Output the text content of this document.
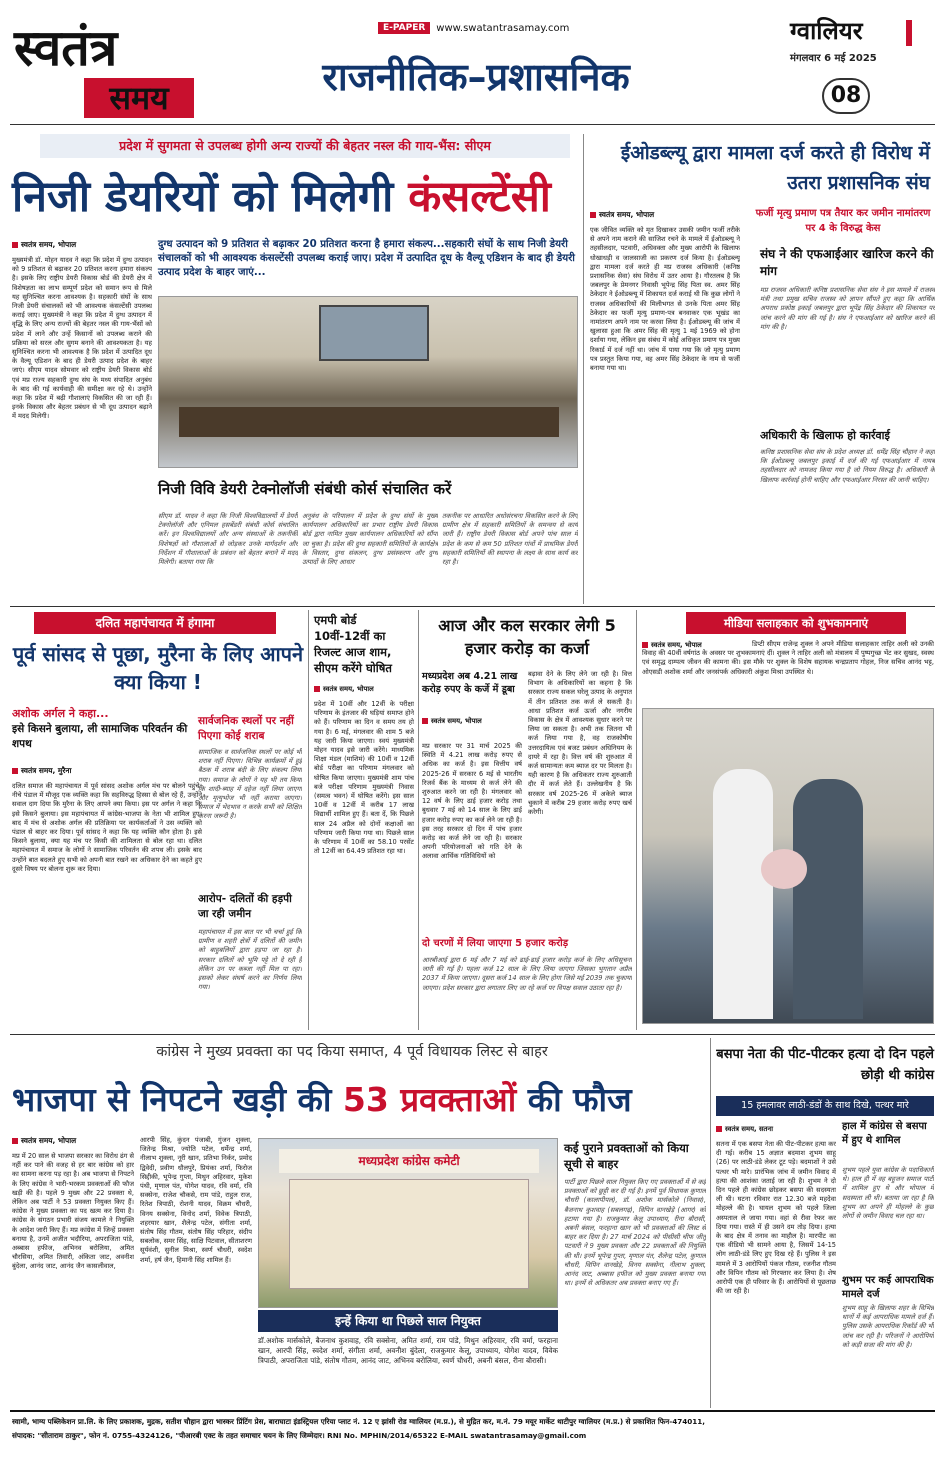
स्वतंत्र
समय
E-PAPER	www.swatantrasamay.com
राजनीतिक–प्रशासनिक
ग्वालियर
मंगलवार 6 मई 2025
08
प्रदेश में सुगमता से उपलब्ध होगी अन्य राज्यों की बेहतर नस्ल की गाय-भैंस: सीएम
निजी डेयरियों को मिलेगी कंसल्टेंसी
स्वतंत्र समय, भोपाल
मुख्यमंत्री डॉ. मोहन यादव ने कहा कि प्रदेश में दुग्ध उत्पादन को 9 प्रतिशत से बढ़ाकर 20 प्रतिशत करना हमारा संकल्प है। इसके लिए राष्ट्रीय डेयरी विकास बोर्ड की डेयरी क्षेत्र में विशेषज्ञता का लाभ सम्पूर्ण प्रदेश को समान रूप से मिले यह सुनिश्चित करना आवश्यक है। सहकारी संघों के साथ निजी डेयरी संचालकों को भी आवश्यक कंसल्टेंसी उपलब्ध कराई जाए। मुख्यमंत्री ने कहा कि प्रदेश में दुग्ध उत्पादन में वृद्धि के लिए अन्य राज्यों की बेहतर नस्ल की गाय-भैंसों को प्रदेश में लाने और उन्हें किसानों को उपलब्ध कराने की प्रक्रिया को सरल और सुगम बनाने की आवश्यकता है। यह सुनिश्चित करना भी आवश्यक है कि प्रदेश में उत्पादित दूध के वैल्यू एडिशन के बाद ही डेयरी उत्पाद प्रदेश के बाहर जाएं। सीएम यादव सोमवार को राष्ट्रीय डेयरी विकास बोर्ड एवं मप्र राज्य सहकारी दुग्ध संघ के मध्य संपादित अनुबंध के बाद की गई कार्यवाही की समीक्षा कर रहे थे। उन्होंने कहा कि प्रदेश में बढ़ी गौशालाएं विकसित की जा रही हैं। इनके विकास और बेहतर प्रबंधन से भी दूध उत्पादन बढ़ाने में मदद मिलेगी।
दुग्ध उत्पादन को 9 प्रतिशत से बढ़ाकर 20 प्रतिशत करना है हमारा संकल्प...सहकारी संघों के साथ निजी डेयरी संचालकों को भी आवश्यक कंसल्टेंसी उपलब्ध कराई जाए। प्रदेश में उत्पादित दूध के वैल्यू एडिशन के बाद ही डेयरी उत्पाद प्रदेश के बाहर जाएं...
निजी विवि डेयरी टेक्नोलॉजी संबंधी कोर्स संचालित करें
सीएम डॉ. यादव ने कहा कि निजी विश्वविद्यालयों में डेयरी टेक्नोलॉजी और एनिमल हसबेंडरी संबंधी कोर्स संचालित करें। इन विश्वविद्यालयों और अन्य संस्थाओं के तकनीकी विशेषज्ञों को गौशालाओं से जोड़कर उनके मार्गदर्शन और निर्देशन में गौशालाओं के प्रबंधन को बेहतर बनाने में मदद मिलेगी। बताया गया कि
अनुबंध के परिपालन में प्रदेश के दुग्ध संघों के मुख्य कार्यपालन अधिकारियों का प्रभार राष्ट्रीय डेयरी विकास बोर्ड द्वारा नामित मुख्य कार्यपालन अधिकारियों को सौंपा जा चुका है। प्रदेश की दुग्ध सहकारी समितियों के कार्यक्षेत्र के विस्तार, दुग्ध संकलन, दुग्ध प्रसंस्करण और दुग्ध उत्पादों के लिए आधार
तकनीक पर आधारित अधोसंरचना विकसित करने के लिए ग्रामीण क्षेत्र में सहकारी समितियों के समन्वय से कार्य जारी हैं। राष्ट्रीय डेयरी विकास बोर्ड अपने पांच साल में प्रदेश के कम से कम 50 प्रतिशत गांवों में प्राथमिक डेयरी सहकारी समितियों की स्थापना के लक्ष्य के साथ कार्य कर रहा है।
ईओडब्ल्यू द्वारा मामला दर्ज करते ही विरोध में उतरा प्रशासनिक संघ
स्वतंत्र समय, भोपाल
एक जीवित व्यक्ति को मृत दिखाकर उसकी जमीन फर्जी तरीके से अपने नाम कराने की साजिश रचने के मामले में ईओडब्ल्यू ने तहसीलदार, पटवारी, अधिवक्ता और मुख्य आरोपी के खिलाफ धोखाधड़ी व जालसाजी का प्रकरण दर्ज किया है। ईओडब्ल्यू द्वारा मामला दर्ज करते ही मप्र राजस्व अधिकारी (कनिष्ठ प्रशासनिक सेवा) संघ विरोध में उतर आया है। गौरतलब है कि जबलपुर के प्रेमनगर निवासी भूपेन्द्र सिंह पिता स्व. अमर सिंह ठेकेदार ने ईओडब्ल्यू में शिकायत दर्ज कराई थी कि कुछ लोगों ने राजस्व अधिकारियों की मिलीभगत से उनके पिता अमर सिंह ठेकेदार का फर्जी मृत्यु प्रमाण-पत्र बनवाकर एक भूखंड का नामांतरण अपने नाम पर करवा लिया है। ईओडब्ल्यू की जांच में खुलासा हुआ कि अमर सिंह की मृत्यु 1 मई 1969 को होना दर्शाया गया, लेकिन इस संबंध में कोई अधिकृत प्रमाण पत्र मुख्य रिकार्ड में दर्ज नहीं था। जांच में पाया गया कि जो मृत्यु प्रमाण पत्र प्रस्तुत किया गया, वह अमर सिंह ठेकेदार के नाम से फर्जी बनाया गया था।
फर्जी मृत्यु प्रमाण पत्र तैयार कर जमीन नामांतरण पर 4 के विरुद्ध केस
संघ ने की एफआईआर खारिज करने की मांग
मप्र राजस्व अधिकारी कनिष्ठ प्रशासनिक सेवा संघ ने इस मामले में राजस्व मंत्री तथा प्रमुख सचिव राजस्व को ज्ञापन सौंपते हुए कहा कि आर्थिक अपराध प्रकोष्ठ इकाई जबलपुर द्वारा भूपेंद्र सिंह ठेकेदार की शिकायत पर जांच करने की मांग की गई है। संघ ने एफआईआर को खारिज करने की मांग की है।
अधिकारी के खिलाफ हो कार्रवाई
कनिष्ठ प्रशासनिक सेवा संघ के प्रदेश अध्यक्ष डॉ. धर्मेंद्र सिंह चौहान ने कहा कि ईओडब्ल्यू जबलपुर इकाई में दर्ज की गई एफआईआर में नायब तहसीलदार को नामजद किया गया है जो नियम विरुद्ध है। अधिकारी के खिलाफ कार्रवाई होनी चाहिए और एफआईआर निरस्त की जानी चाहिए।
दलित महापंचायत में हंगामा
पूर्व सांसद से पूछा, मुरैना के लिए आपने क्या किया !
अशोक अर्गल ने कहा...
इसे किसने बुलाया, ली सामाजिक परिवर्तन की शपथ
स्वतंत्र समय, मुरैना
दलित समाज की महापंचायत में पूर्व सांसद अशोक अर्गल मंच पर बोलने पहुंचे। नीचे पंडाल में मौजूद एक व्यक्ति कहा कि सहविरुद्ध हिस्सा से बोल रहे हैं, उन्होंने सवाल दाग दिया कि मुरैना के लिए आपने क्या किया। इस पर अर्गल ने कहा कि इसे किसने बुलाया। इस महापंचायत में कांग्रेस-भाजपा के नेता भी शामिल हुए। बाद में मंच से अशोक अर्गल की प्रतिक्रिया पर कार्यकर्ताओं ने उस व्यक्ति को पंडाल से बाहर कर दिया। पूर्व सांसद ने कहा कि यह व्यक्ति कौन होता है। इसे किसने बुलाया, क्या यह मंच पर किसी की शामिलता से बोल रहा था। दलित महापंचायत में समाज के लोगों ने सामाजिक परिवर्तन की शपथ ली। इसके बाद उन्होंने बात बदलते हुए सभी को अपनी बात रखने का अधिकार देने का कहते हुए दूसरे विषय पर बोलना शुरू कर दिया।
सार्वजनिक स्थलों पर नहीं पिएगा कोई शराब
सामाजिक व सार्वजनिक स्थलों पर कोई भी शराब नहीं पिएगा। विभिन्न कार्यक्रमों में हुई बैठक में शराब बंदी के लिए संकल्प लिया गया। समाज के लोगों ने यह भी तय किया कि शादी-ब्याह में दहेज नहीं लिया जाएगा और मृत्युभोज भी नहीं कराया जाएगा। समाज में भेदभाव न करके सभी को शिक्षित करना जरूरी है।
आरोप- दलितों की हड़पी जा रही जमीन
महापंचायत में इस बात पर भी चर्चा हुई कि ग्रामीण व शहरी क्षेत्रों में दलितों की जमीन को बाहुबलियों द्वारा हड़पा जा रहा है। सरकार दलितों को भूमि पट्टे तो दे रही है लेकिन उन पर कब्जा नहीं मिल पा रहा। इसको लेकर संघर्ष करने का निर्णय लिया गया।
एमपी बोर्ड 10वीं-12वीं का रिजल्ट आज शाम, सीएम करेंगे घोषित
स्वतंत्र समय, भोपाल
प्रदेश में 10वीं और 12वीं के परीक्षा परिणाम के इंतजार की घड़ियां समाप्त होने को हैं। परिणाम का दिन व समय तय हो गया है। 6 मई, मंगलवार की शाम 5 बजे यह जारी किया जाएगा। स्वयं मुख्यमंत्री मोहन यादव इसे जारी करेंगे। माध्यमिक शिक्षा मंडल (माशिमं) की 10वीं व 12वीं बोर्ड परीक्षा का परिणाम मंगलवार को घोषित किया जाएगा। मुख्यमंत्री शाम पांच बजे परीक्षा परिणाम मुख्यमंत्री निवास (समत्व भवन) में घोषित करेंगे। इस साल 10वीं व 12वीं में करीब 17 लाख विद्यार्थी शामिल हुए हैं। बता दें, कि पिछले साल 24 अप्रैल को दोनों कक्षाओं का परिणाम जारी किया गया था। पिछले साल के परिणाम में 10वीं का 58.10 परसेंट तो 12वीं का 64.49 प्रतिशत रहा था।
आज और कल सरकार लेगी 5 हजार करोड़ का कर्जा
मध्यप्रदेश अब 4.21 लाख करोड़ रुपए के कर्जे में डूबा
स्वतंत्र समय, भोपाल
मप्र सरकार पर 31 मार्च 2025 की स्थिति में 4.21 लाख करोड़ रुपए से अधिक का कर्ज है। इस वित्तीय वर्ष 2025-26 में सरकार 6 मई से भारतीय रिजर्व बैंक के माध्यम से कर्ज लेने की शुरुआत करने जा रही है। मंगलवार को 12 वर्ष के लिए ढाई हजार करोड़ तथा बुधवार 7 मई को 14 साल के लिए ढाई हजार करोड़ रुपए का कर्ज लेने जा रही है। इस तरह सरकार दो दिन में पांच हजार करोड़ का कर्ज लेने जा रही है। सरकार अपनी परियोजनाओं को गति देने के अलावा आर्थिक गतिविधियों को
बढ़ावा देने के लिए लेने जा रही है। वित्त विभाग के अधिकारियों का कहना है कि सरकार राज्य सकल घरेलू उत्पाद के अनुपात में तीन प्रतिशत तक कर्ज ले सकती है। आधा प्रतिशत कर्ज ऊर्जा और नगरीय विकास के क्षेत्र में आवश्यक सुधार करने पर लिया जा सकता है। अभी तक जितना भी कर्ज लिया गया है, वह राजकोषीय उत्तरदायित्व एवं बजट प्रबंधन अधिनियम के दायरे में रहा है। वित्त वर्ष की शुरुआत में कर्ज सामान्यतः कम ब्याज दर पर मिलता है। यही कारण है कि अधिकतर राज्य शुरुआती दौर में कर्ज लेते हैं। उल्लेखनीय है कि सरकार वर्ष 2025-26 में अकेले ब्याज चुकाने में करीब 29 हजार करोड़ रुपए खर्च करेगी।
दो चरणों में लिया जाएगा 5 हजार करोड़
आरबीआई द्वारा 6 मई और 7 मई को ढाई-ढाई हजार करोड़ कर्ज के लिए अधिसूचना जारी की गई है। पहला कर्ज 12 साल के लिए लिया जाएगा जिसका भुगतान अप्रैल 2037 में किया जाएगा। दूसरा कर्ज 14 साल के लिए होगा जिसे मई 2039 तक चुकाया जाएगा। प्रदेश सरकार द्वारा लगातार लिए जा रहे कर्ज पर विपक्ष सवाल उठाता रहा है।
मीडिया सलाहकार को शुभकामनाएं
स्वतंत्र समय, भोपाल	डिप्टी सीएम राजेन्द्र शुक्ल ने अपने मीडिया सलाहकार ताहिर अली को उनकी विवाह की 40वीं वर्षगांठ के अवसर पर शुभकामनाएं दीं। शुक्ल ने ताहिर अली को मंत्रालय में पुष्पगुच्छ भेंट कर सुखद, स्वस्थ एवं समृद्ध दाम्पत्य जीवन की कामना की। इस मौके पर शुक्ल के विशेष सहायक चन्द्रप्रताप गोहल, निज सचिव आनंद भट्ट, ओएसडी अशोक शर्मा और जनसंपर्क अधिकारी अंकुश मिश्रा उपस्थित थे।
कांग्रेस ने मुख्य प्रवक्ता का पद किया समाप्त, 4 पूर्व विधायक लिस्ट से बाहर
भाजपा से निपटने खड़ी की 53 प्रवक्ताओं की फौज
स्वतंत्र समय, भोपाल
मप्र में 20 साल से भाजपा सरकार का विरोध ढंग से नहीं कर पाने की वजह से हर बार कांग्रेस को हार का सामना करना पड़ रहा है। अब भाजपा से निपटने के लिए कांग्रेस ने भारी-भरकम प्रवक्ताओं की फौज खड़ी की है। पहले 9 मुख्य और 22 प्रवक्ता थे, लेकिन अब पार्टी ने 53 प्रवक्ता नियुक्त किए हैं। कांग्रेस ने मुख्य प्रवक्ता का पद खत्म कर दिया है। कांग्रेस के संगठन प्रभारी संजय कामले ने नियुक्ति के आदेश जारी किए हैं। मप्र कांग्रेस में जिन्हें प्रवक्ता बनाया है, उनमें अजीत भदौरिया, अपराजिता पांडे, अब्बास हफीज, अभिनव बरोलिया, अमित चौरसिया, अमित तिवारी, अंकिता जाट, अवनीश बुंदेला, आनंद जाट, आनंद जैन कासलीवाल,
आरपी सिंह, कुंदन पंजाबी, गुंजन शुक्ला, जितेन्द्र मिश्रा, ज्योति पटेल, धर्मेन्द्र शर्मा, नीलाभ शुक्ला, नूरी खान, प्रतिभा निर्कर, प्रमोद द्विवेदी, प्रवीण धौलपुरे, प्रियंका शर्मा, फिरोज सिद्दीकी, भूपेन्द्र गुप्ता, मिथुन अहिरवार, मुकेश पंथी, मृणाल पंत, योगेश यादव, रवि वर्मा, रवि सक्सेना, राजेश चौकसे, राम पांडे, राहुल राज, रितेश त्रिपाठी, रोशनी यादव, विक्रम चौधरी, विनय सक्सेना, विनोद शर्मा, विवेक त्रिपाठी, शहरयार खान, शैलेन्द्र पटेल, संगीता शर्मा, संतोष सिंह गौतम, संतोष सिंह परिहार, संदीप सबलोक, समर सिंह, साक्षि पिटवाल, सीताशरण सूर्यवंशी, सुनील मिश्रा, स्वर्ण चौधरी, स्वदेश शर्मा, हर्ष जैन, हिमानी सिंह शामिल हैं।
मध्यप्रदेश कांग्रेस कमेटी
इन्हें किया था पिछले साल नियुक्त
डॉ.अशोक मार्सकोले, बैजनाथ कुशवाह, रवि सक्सेना, अमित शर्मा, राम पांडे, मिथुन अहिरवार, रवि वर्मा, फरहाना खान, आरपी सिंह, स्वदेश शर्मा, संगीता शर्मा, अवनीश बुंदेला, राजकुमार केलू, उपाध्याय, योगेश यादव, विवेक त्रिपाठी, अपराजिता पांडे, संतोष गौतम, आनंद जाट, अभिनव बरोलिया, स्वर्ण चौधरी, अबनी बंसल, रीना बौरासी।
कई पुराने प्रवक्ताओं को किया सूची से बाहर
पार्टी द्वारा पिछले साल नियुक्त किए गए प्रवक्ताओं में से कई प्रवक्ताओं को छुट्टी कर दी गई है। इनमें पूर्व विधायक कुणाल चौधरी (कालापीपल), डॉ. अशोक मार्सकोले (निवास), बैजनाथ कुशवाह (सबलगढ़), विपिन वानखेड़े (आगर) को हटाया गया है। राजकुमार केलू उपाध्याय, रीना बौरासी, अबनी बंसल, फरहाना खान को भी प्रवक्ताओं की लिस्ट से बाहर कर दिया है। 27 मार्च 2024 को पीसीसी चीफ जीतू पटवारी ने 9 मुख्य प्रवक्ता और 22 प्रवक्ताओं की नियुक्ति की थी। इनमें भूपेन्द्र गुप्ता, मृणाल पंत, शैलेन्द्र पटेल, कुणाल चौधरी, विपिन वानखेड़े, विनय सक्सेना, नीलाभ शुक्ला, आनंद जाट, अब्बास हफीज को मुख्य प्रवक्ता बनाया गया था। इनमें से अधिकतर अब प्रवक्ता बनाए गए हैं।
बसपा नेता की पीट-पीटकर हत्या दो दिन पहले छोड़ी थी कांग्रेस
15 हमलावर लाठी-डंडों के साथ दिखे, पत्थर मारे
स्वतंत्र समय, सतना
सतना में एक बसपा नेता की पीट-पीटकर हत्या कर दी गई। करीब 15 अज्ञात बदमाश शुभम साहू (26) पर लाठी-डंडे लेकर टूट पड़े। बदमाशों ने उसे पत्थर भी मारे। प्रारंभिक जांच में जमीन विवाद में हत्या की आशंका जताई जा रही है। शुभम ने दो दिन पहले ही कांग्रेस छोड़कर बसपा की सदस्यता ली थी। घटना रविवार रात 12.30 बजे महदेवा मोहल्ले की है। घायल शुभम को पहले जिला अस्पताल ले जाया गया। वहां से रीवा रेफर कर दिया गया। रास्ते में ही उसने दम तोड़ दिया। हत्या के बाद क्षेत्र में तनाव का माहौल है। मारपीट का एक वीडियो भी सामने आया है, जिसमें 14-15 लोग लाठी-डंडे लिए हुए दिख रहे हैं। पुलिस ने इस मामले में 3 आरोपियों पंकज गौतम, रजनीश गौतम और विपिन गौतम को गिरफ्तार कर लिया है। शेष आरोपी एक ही परिवार के हैं। आरोपियों से पूछताछ की जा रही है।
हाल में कांग्रेस से बसपा में हुए थे शामिल
शुभम पहले युवा कांग्रेस के पदाधिकारी थे। हाल ही में वह बहुजन समाज पार्टी में शामिल हुए थे और भोपाल में सदस्यता ली थी। बताया जा रहा है कि शुभम का अपने ही मोहल्ले के कुछ लोगों से जमीन विवाद चल रहा था।
शुभम पर कई आपराधिक मामले दर्ज
शुभम साहू के खिलाफ शहर के विभिन्न थानों में कई आपराधिक मामले दर्ज हैं। पुलिस उसके आपराधिक रिकॉर्ड की भी जांच कर रही है। परिजनों ने आरोपियों को कड़ी सजा की मांग की है।
स्वामी, भाग्य पब्लिकेशन प्रा.लि. के लिए प्रकाशक, मुद्रक, सतीश चौहान द्वारा भास्कर प्रिंटिंग प्रेस, बाराघाटा इंडस्ट्रियल एरिया प्लाट नं. 12 ए झांसी रोड ग्वालियर (म.प्र.), से मुद्रित कर, म.नं. 79 मयूर मार्केट थाटीपुर ग्वालियर (म.प्र.) से प्रकाशित फिन-474011,
संपादक: "सीताराम ठाकुर", फोन नं. 0755-4324126, "पीआरबी एक्ट के तहत समाचार चयन के लिए जिम्मेदार। RNI No. MPHIN/2014/65322 E-MAIL swatantrasamay@gmail.com
